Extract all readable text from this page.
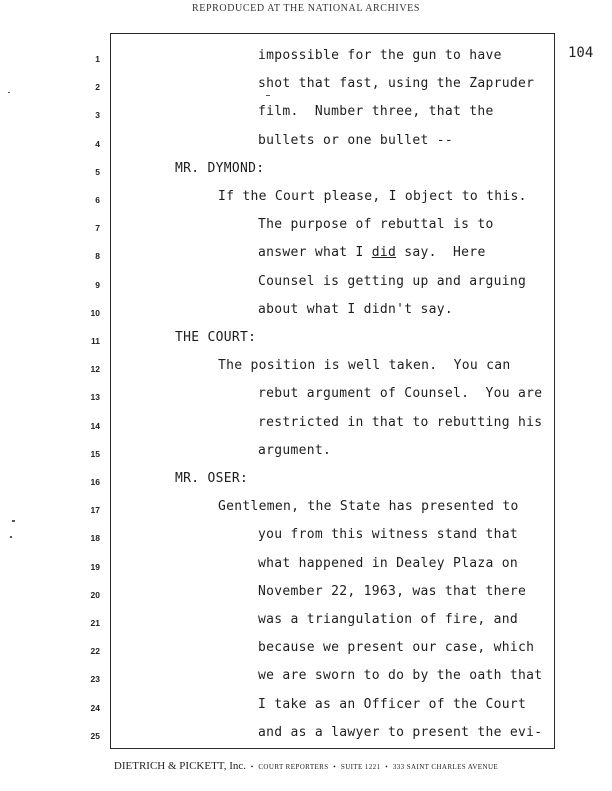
REPRODUCED AT THE NATIONAL ARCHIVES
104
1	impossible for the gun to have
2	shot that fast, using the Zapruder
3	film.  Number three, that the
4	bullets or one bullet --
5	MR. DYMOND:
6	If the Court please, I object to this.
7	The purpose of rebuttal is to
8	answer what I did say.  Here
9	Counsel is getting up and arguing
10	about what I didn't say.
11	THE COURT:
12	The position is well taken.  You can
13	rebut argument of Counsel.  You are
14	restricted in that to rebutting his
15	argument.
16	MR. OSER:
17	Gentlemen, the State has presented to
18	you from this witness stand that
19	what happened in Dealey Plaza on
20	November 22, 1963, was that there
21	was a triangulation of fire, and
22	because we present our case, which
23	we are sworn to do by the oath that
24	I take as an Officer of the Court
25	and as a lawyer to present the evi-
DIETRICH & PICKETT, Inc. • COURT REPORTERS • SUITE 1221 • 333 SAINT CHARLES AVENUE
